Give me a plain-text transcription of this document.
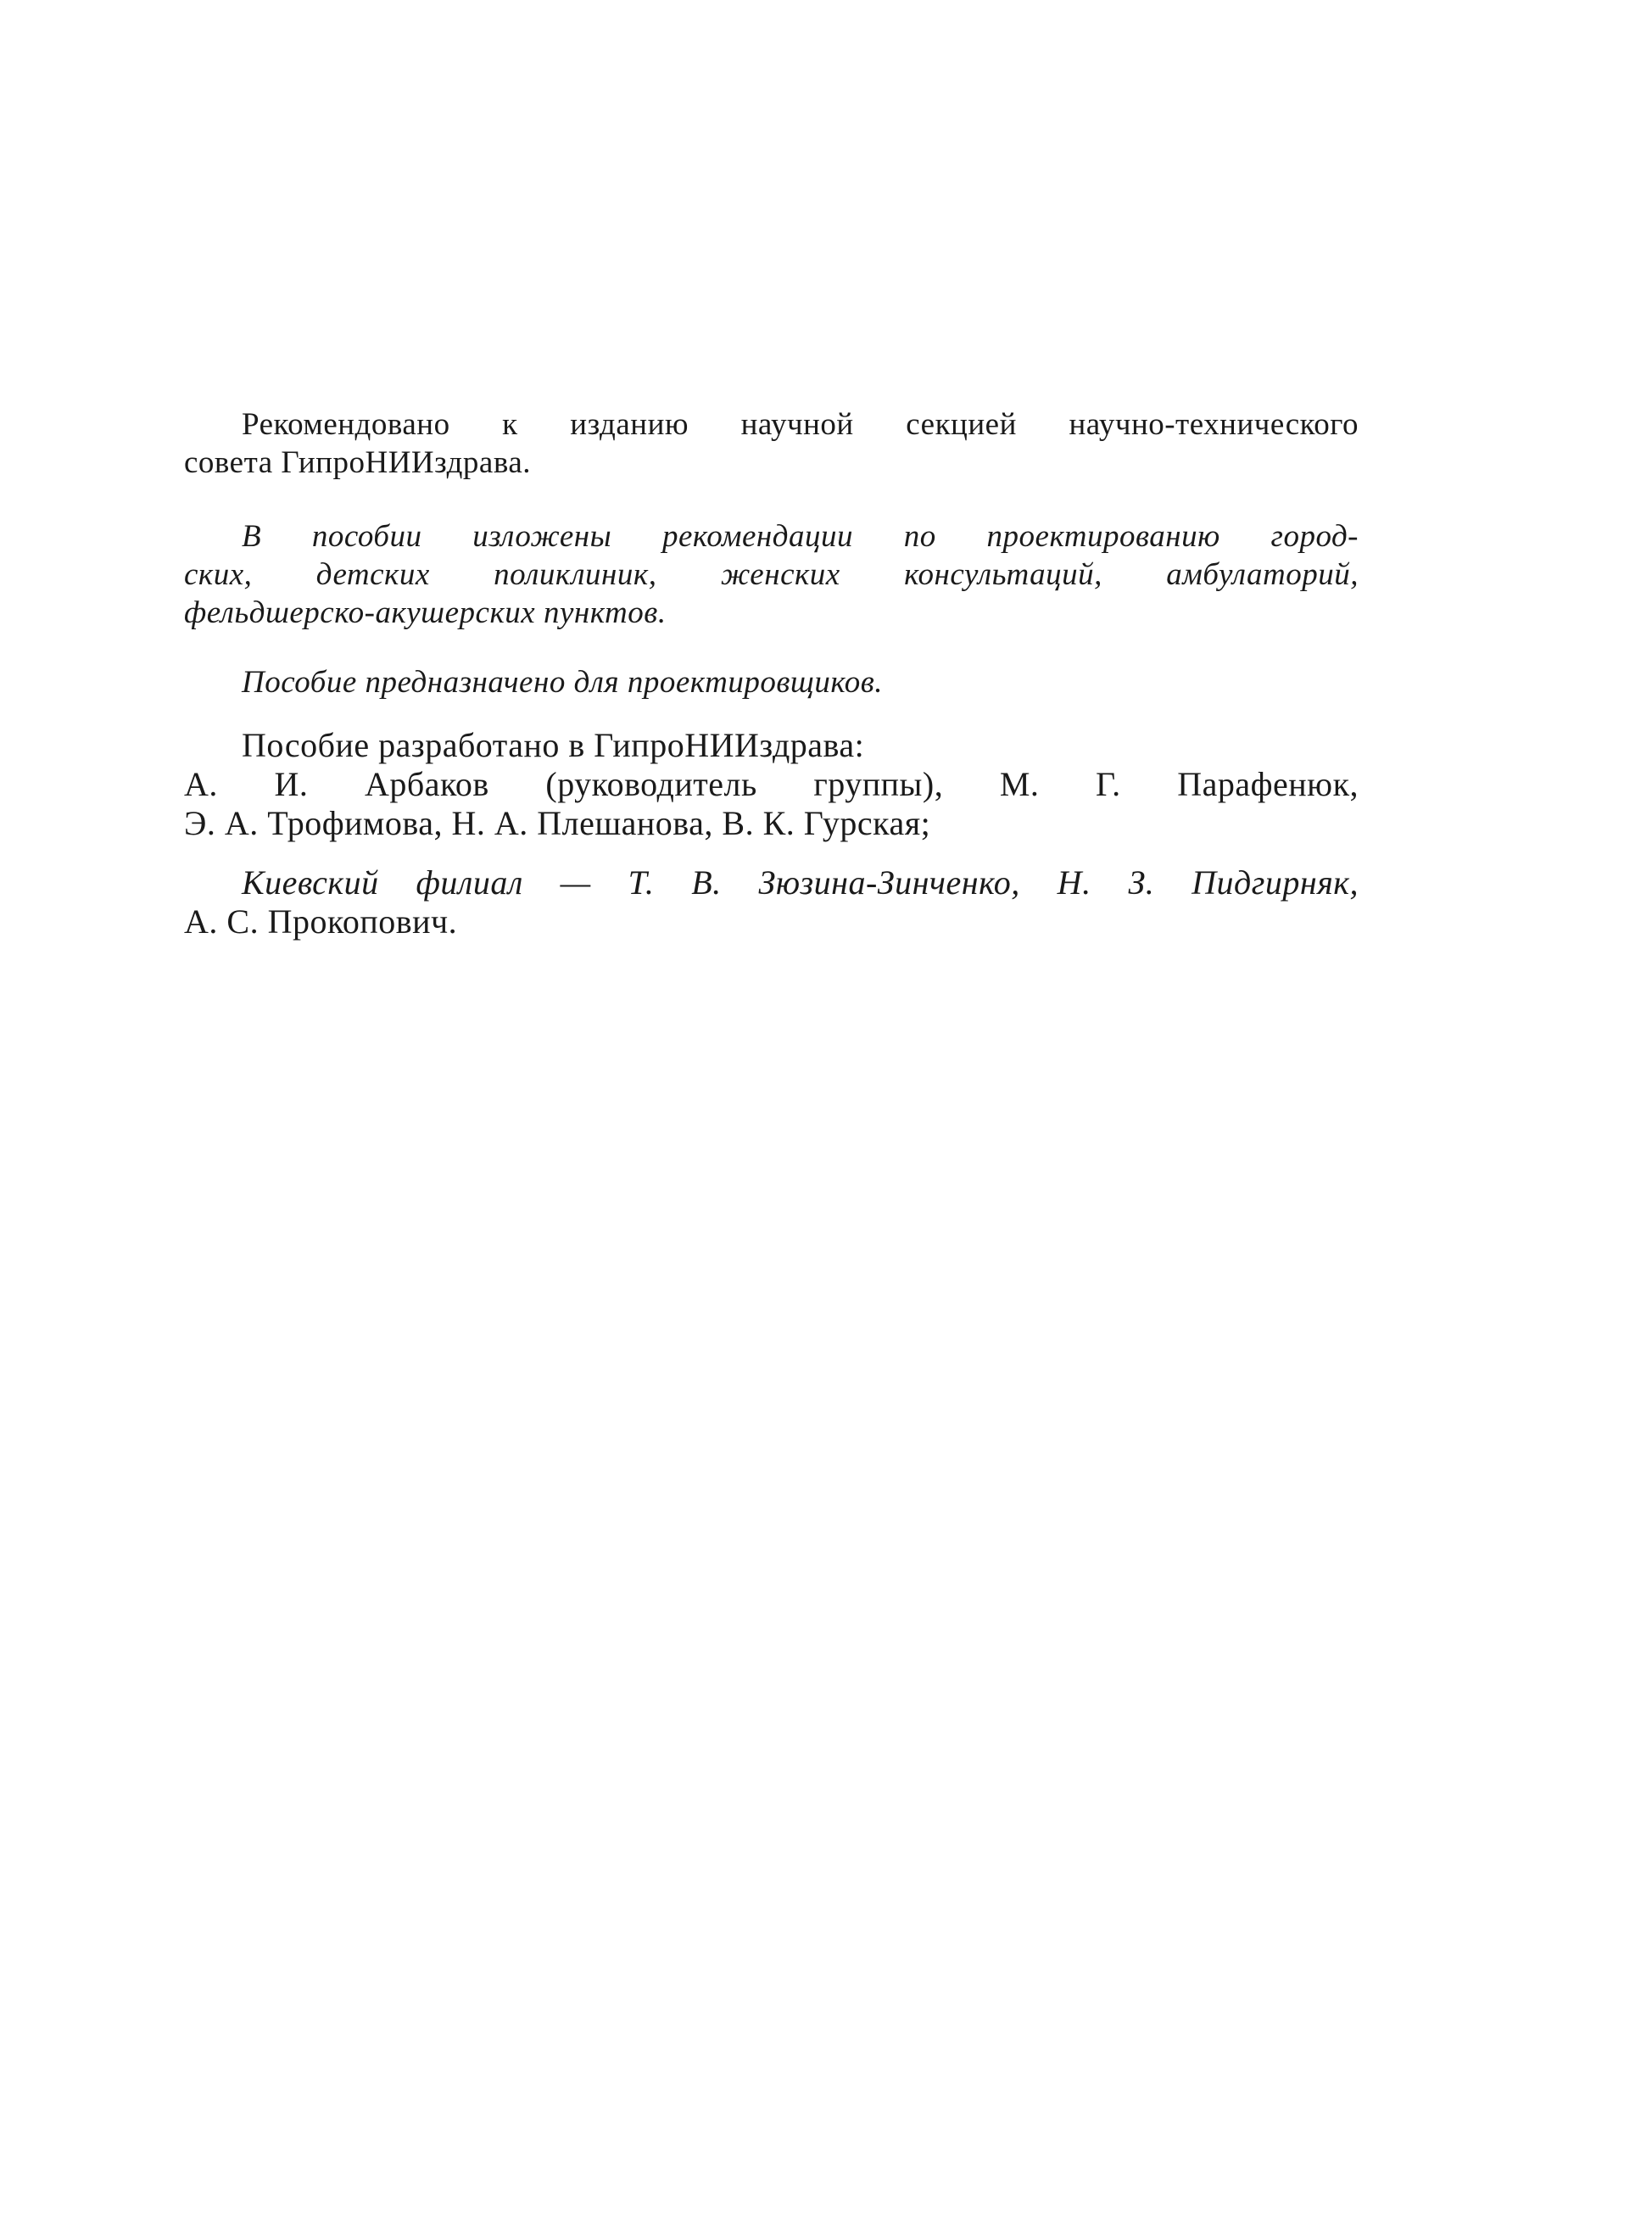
Рекомендовано к изданию научной секцией научно-технического
совета ГипроНИИздрава.
В пособии изложены рекомендации по проектированию город-
ских, детских поликлиник, женских консультаций, амбулаторий,
фельдшерско-акушерских пунктов.
Пособие предназначено для проектировщиков.
Пособие разработано в ГипроНИИздрава:
А. И. Арбаков (руководитель группы), М. Г. Парафенюк,
Э. А. Трофимова, Н. А. Плешанова, В. К. Гурская;
Киевский филиал — Т. В. Зюзина-Зинченко, Н. З. Пидгирняк,
А. С. Прокопович.
